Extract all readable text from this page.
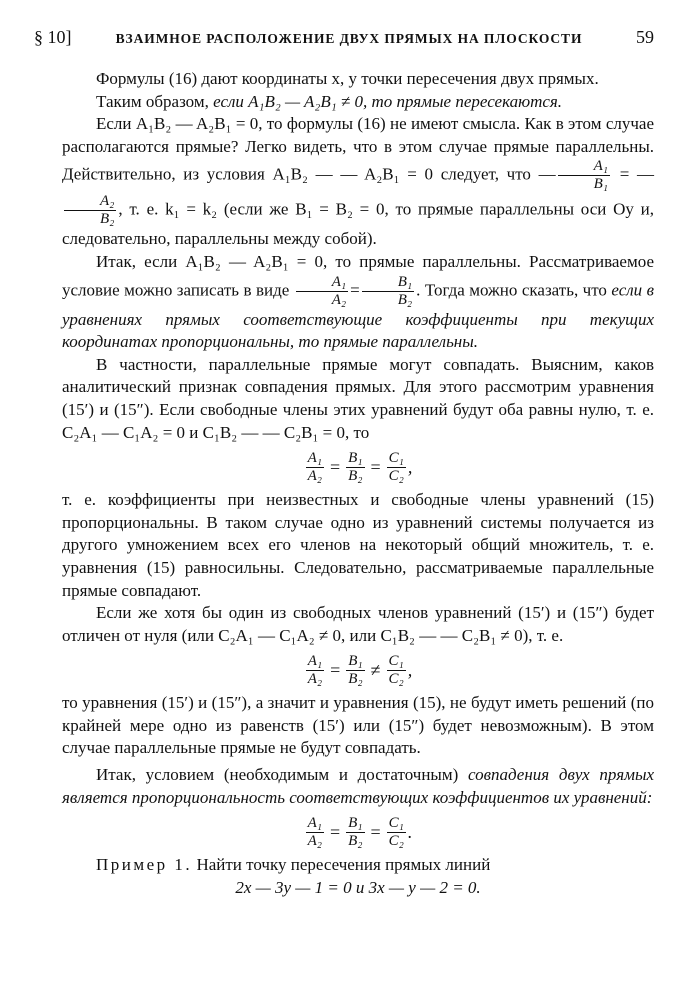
§ 10]	ВЗАИМНОЕ РАСПОЛОЖЕНИЕ ДВУХ ПРЯМЫХ НА ПЛОСКОСТИ	59

Формулы (16) дают координаты x, y точки пересечения двух прямых.

Таким образом, если A₁B₂ — A₂B₁ ≠ 0, то прямые пересекаются.

Если A₁B₂ — A₂B₁ = 0, то формулы (16) не имеют смысла. Как в этом случае располагаются прямые? Легко видеть, что в этом случае прямые параллельны. Действительно, из условия A₁B₂ — — A₂B₁ = 0 следует, что — $\frac{\text{A₁}}{\text{B₁}}$ = —
$\frac{\text{A₂}}{\text{B₂}}$ , т. е. k₁ = k₂ (если же B₁ = B₂ = 0, то прямые параллельны оси Oy и, следовательно, параллельны между собой).

Итак, если A₁B₂ — A₂B₁ = 0, то прямые параллельны. Рассматриваемое условие можно записать в виде $\frac{\text{A₁}}{\text{A₂}} = \frac{\text{B₁}}{\text{B₂}}$ . Тогда можно сказать, что если в уравнениях прямых соответствующие коэффициенты при текущих координатах пропорциональны, то прямые параллельны.

В частности, параллельные прямые могут совпадать. Выясним, каков аналитический признак совпадения прямых. Для этого рассмотрим уравнения (15′) и (15″). Если свободные члены этих уравнений будут оба равны нулю, т. е. C₂A₁ — C₁A₂ = 0 и C₁B₂ — — C₂B₁ = 0, то

$\frac{\text{A₁}}{\text{A₂}} = \frac{\text{B₁}}{\text{B₂}} = \frac{\text{C₁}}{\text{C₂}}$ ,

т. е. коэффициенты при неизвестных и свободные члены уравнений (15) пропорциональны. В таком случае одно из уравнений системы получается из другого умножением всех его членов на некоторый общий множитель, т. е. уравнения (15) равносильны. Следовательно, рассматриваемые параллельные прямые совпадают.

Если же хотя бы один из свободных членов уравнений (15′) и (15″) будет отличен от нуля (или C₂A₁ — C₁A₂ ≠ 0, или C₁B₂ — — C₂B₁ ≠ 0), т. е.

$\frac{\text{A₁}}{\text{A₂}} = \frac{\text{B₁}}{\text{B₂}} \ne \frac{\text{C₁}}{\text{C₂}}$ ,

то уравнения (15′) и (15″), а значит и уравнения (15), не будут иметь решений (по крайней мере одно из равенств (15′) или (15″) будет невозможным). В этом случае параллельные прямые не будут совпадать.

Итак, условием (необходимым и достаточным) совпадения двух прямых является пропорциональность соответствующих коэффициентов их уравнений:

$\frac{\text{A₁}}{\text{A₂}} = \frac{\text{B₁}}{\text{B₂}} = \frac{\text{C₁}}{\text{C₂}}$ .

Пример 1. Найти точку пересечения прямых линий

2x — 3y — 1 = 0 и 3x — y — 2 = 0.
